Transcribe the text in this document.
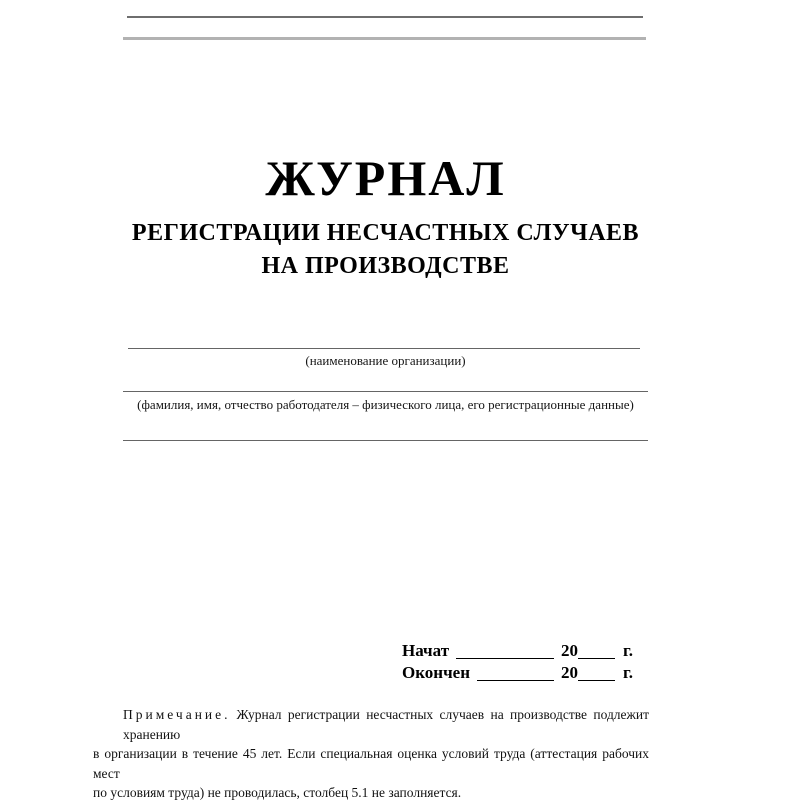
ЖУРНАЛ
РЕГИСТРАЦИИ НЕСЧАСТНЫХ СЛУЧАЕВ
НА ПРОИЗВОДСТВЕ
(наименование организации)
(фамилия, имя, отчество работодателя – физического лица, его регистрационные данные)
Начат	20	г.
Окончен	20	г.
Примечание. Журнал регистрации несчастных случаев на производстве подлежит хранению
в организации в течение 45 лет. Если специальная оценка условий труда (аттестация рабочих мест
по условиям труда) не проводилась, столбец 5.1 не заполняется.
